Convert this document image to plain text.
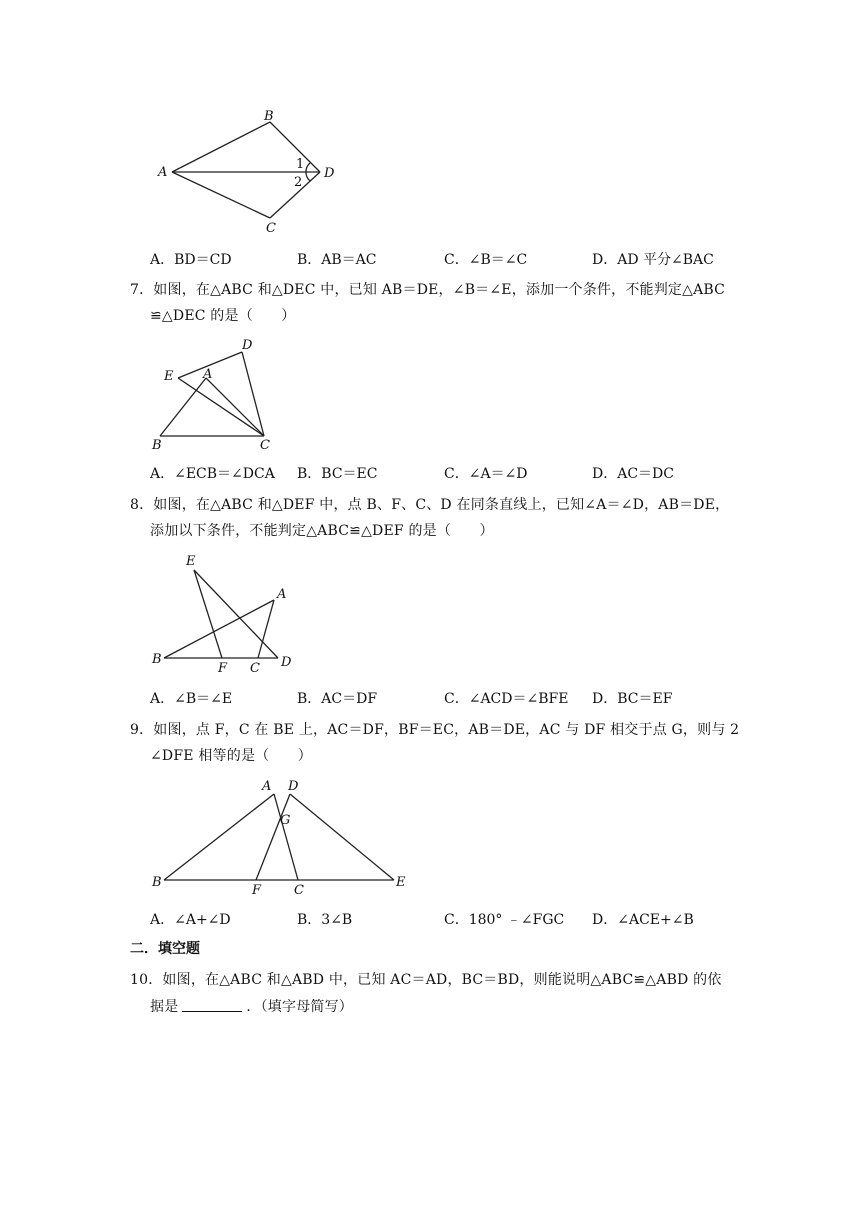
B
A	D
C
1
2
A．BD＝CD	B．AB＝AC	C．∠B＝∠C	D．AD 平分∠BAC
7．如图，在△ABC 和△DEC 中，已知 AB＝DE，∠B＝∠E，添加一个条件，不能判定△ABC
≌△DEC 的是（　　）
D
E A
B	C
A．∠ECB＝∠DCA B．BC＝EC	C．∠A＝∠D	D．AC＝DC
8．如图，在△ABC 和△DEF 中，点 B、F、C、D 在同条直线上，已知∠A＝∠D，AB＝DE，
添加以下条件，不能判定△ABC≌△DEF 的是（　　）
E
A
B
F C D
A．∠B＝∠E	B．AC＝DF	C．∠ACD＝∠BFE D．BC＝EF
9．如图，点 F，C 在 BE 上，AC＝DF，BF＝EC，AB＝DE，AC 与 DF 相交于点 G，则与 2
∠DFE 相等的是（　　）
A D
G
B
F	C
E
A．∠A+∠D	B．3∠B	C．180° ﹣∠FGC D．∠ACE+∠B
二．填空题
10．如图，在△ABC 和△ABD 中，已知 AC＝AD，BC＝BD，则能说明△ABC≌△ABD 的依
据是	．（填字母简写）
